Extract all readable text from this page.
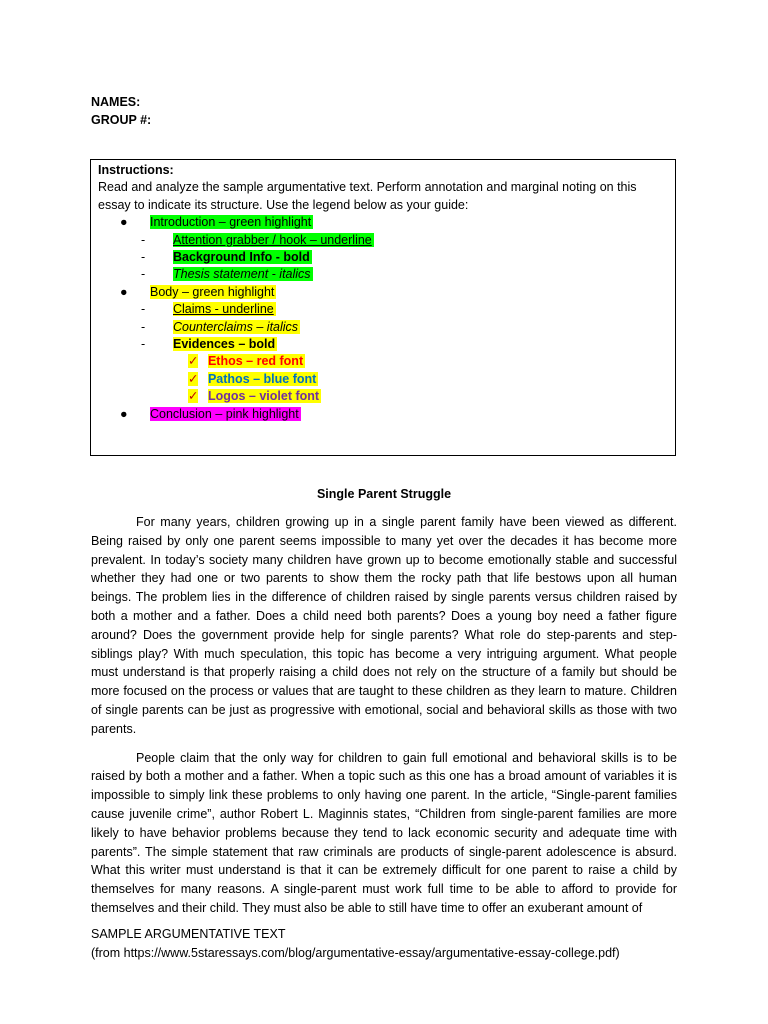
NAMES:
GROUP #:
Instructions:
Read and analyze the sample argumentative text. Perform annotation and marginal noting on this essay to indicate its structure. Use the legend below as your guide:
●	Introduction – green highlight
-	Attention grabber / hook – underline
-	Background Info - bold
-	Thesis statement - italics
●	Body – green highlight
-	Claims - underline
-	Counterclaims – italics
-	Evidences – bold
✓ Ethos – red font
✓ Pathos – blue font
✓ Logos – violet font
●	Conclusion – pink highlight
Single Parent Struggle

For many years, children growing up in a single parent family have been viewed as different. Being raised by only one parent seems impossible to many yet over the decades it has become more prevalent. In today’s society many children have grown up to become emotionally stable and successful whether they had one or two parents to show them the rocky path that life bestows upon all human beings. The problem lies in the difference of children raised by single parents versus children raised by both a mother and a father. Does a child need both parents? Does a young boy need a father figure around? Does the government provide help for single parents? What role do step-parents and step-siblings play? With much speculation, this topic has become a very intriguing argument. What people must understand is that properly raising a child does not rely on the structure of a family but should be more focused on the process or values that are taught to these children as they learn to mature. Children of single parents can be just as progressive with emotional, social and behavioral skills as those with two parents.

People claim that the only way for children to gain full emotional and behavioral skills is to be raised by both a mother and a father. When a topic such as this one has a broad amount of variables it is impossible to simply link these problems to only having one parent. In the article, “Single-parent families cause juvenile crime”, author Robert L. Maginnis states, “Children from single-parent families are more likely to have behavior problems because they tend to lack economic security and adequate time with parents”. The simple statement that raw criminals are products of single-parent adolescence is absurd. What this writer must understand is that it can be extremely difficult for one parent to raise a child by themselves for many reasons. A single-parent must work full time to be able to afford to provide for themselves and their child. They must also be able to still have time to offer an exuberant amount of

SAMPLE ARGUMENTATIVE TEXT
(from https://www.5staressays.com/blog/argumentative-essay/argumentative-essay-college.pdf)
